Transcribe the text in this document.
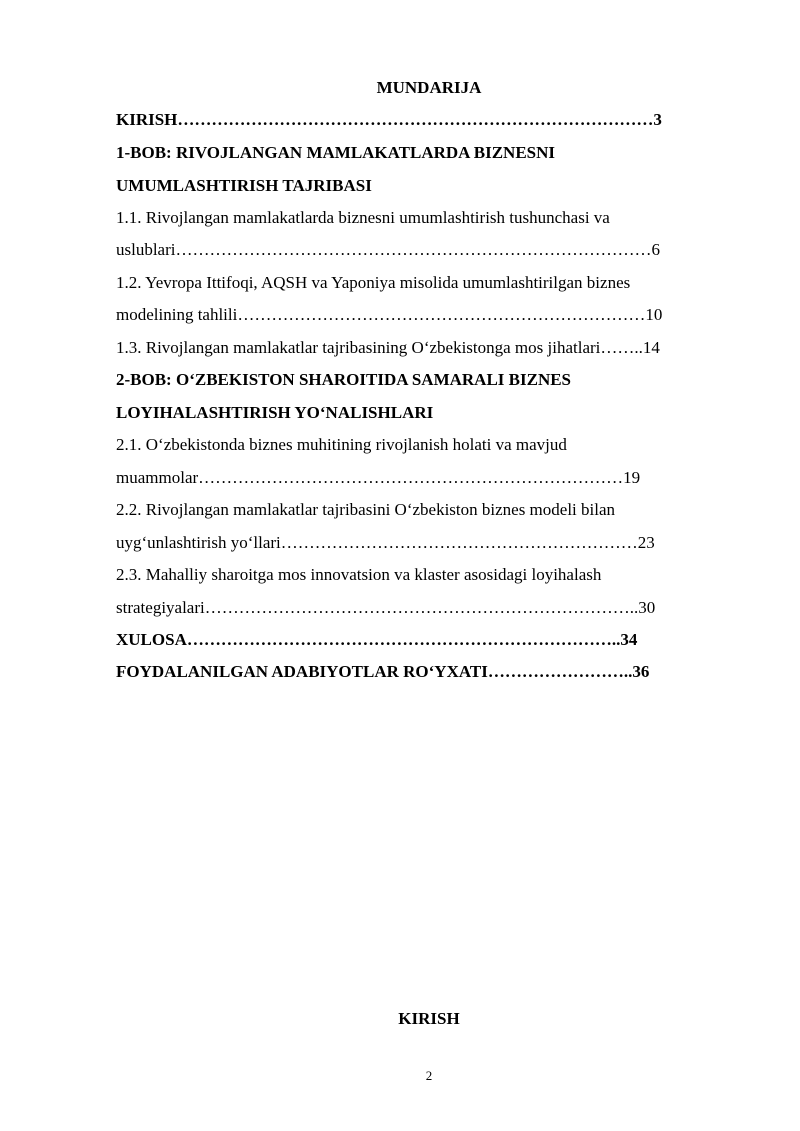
MUNDARIJA
KIRISH…………………………………………………………………………3
1-BOB: RIVOJLANGAN MAMLAKATLARDA BIZNESNI
UMUMLASHTIRISH TAJRIBASI
1.1. Rivojlangan mamlakatlarda biznesni umumlashtirish tushunchasi va
uslublari…………………………………………………………………………6
1.2. Yevropa Ittifoqi, AQSH va Yaponiya misolida umumlashtirilgan biznes
modelining tahlili………………………………………………………………10
1.3. Rivojlangan mamlakatlar tajribasining O‘zbekistonga mos jihatlari……..14
2-BOB: O‘ZBEKISTON SHAROITIDA SAMARALI BIZNES
LOYIHALASHTIRISH YO‘NALISHLARI
2.1. O‘zbekistonda biznes muhitining rivojlanish holati va mavjud
muammolar…………………………………………………………………19
2.2. Rivojlangan mamlakatlar tajribasini O‘zbekiston biznes modeli bilan
uyg‘unlashtirish yo‘llari………………………………………………………23
2.3. Mahalliy sharoitga mos innovatsion va klaster asosidagi loyihalash
strategiyalari…………………………………………………………………..30
XULOSA…………………………………………………………………..34
FOYDALANILGAN ADABIYOTLAR RO‘YXATI……………………..36
KIRISH
2
